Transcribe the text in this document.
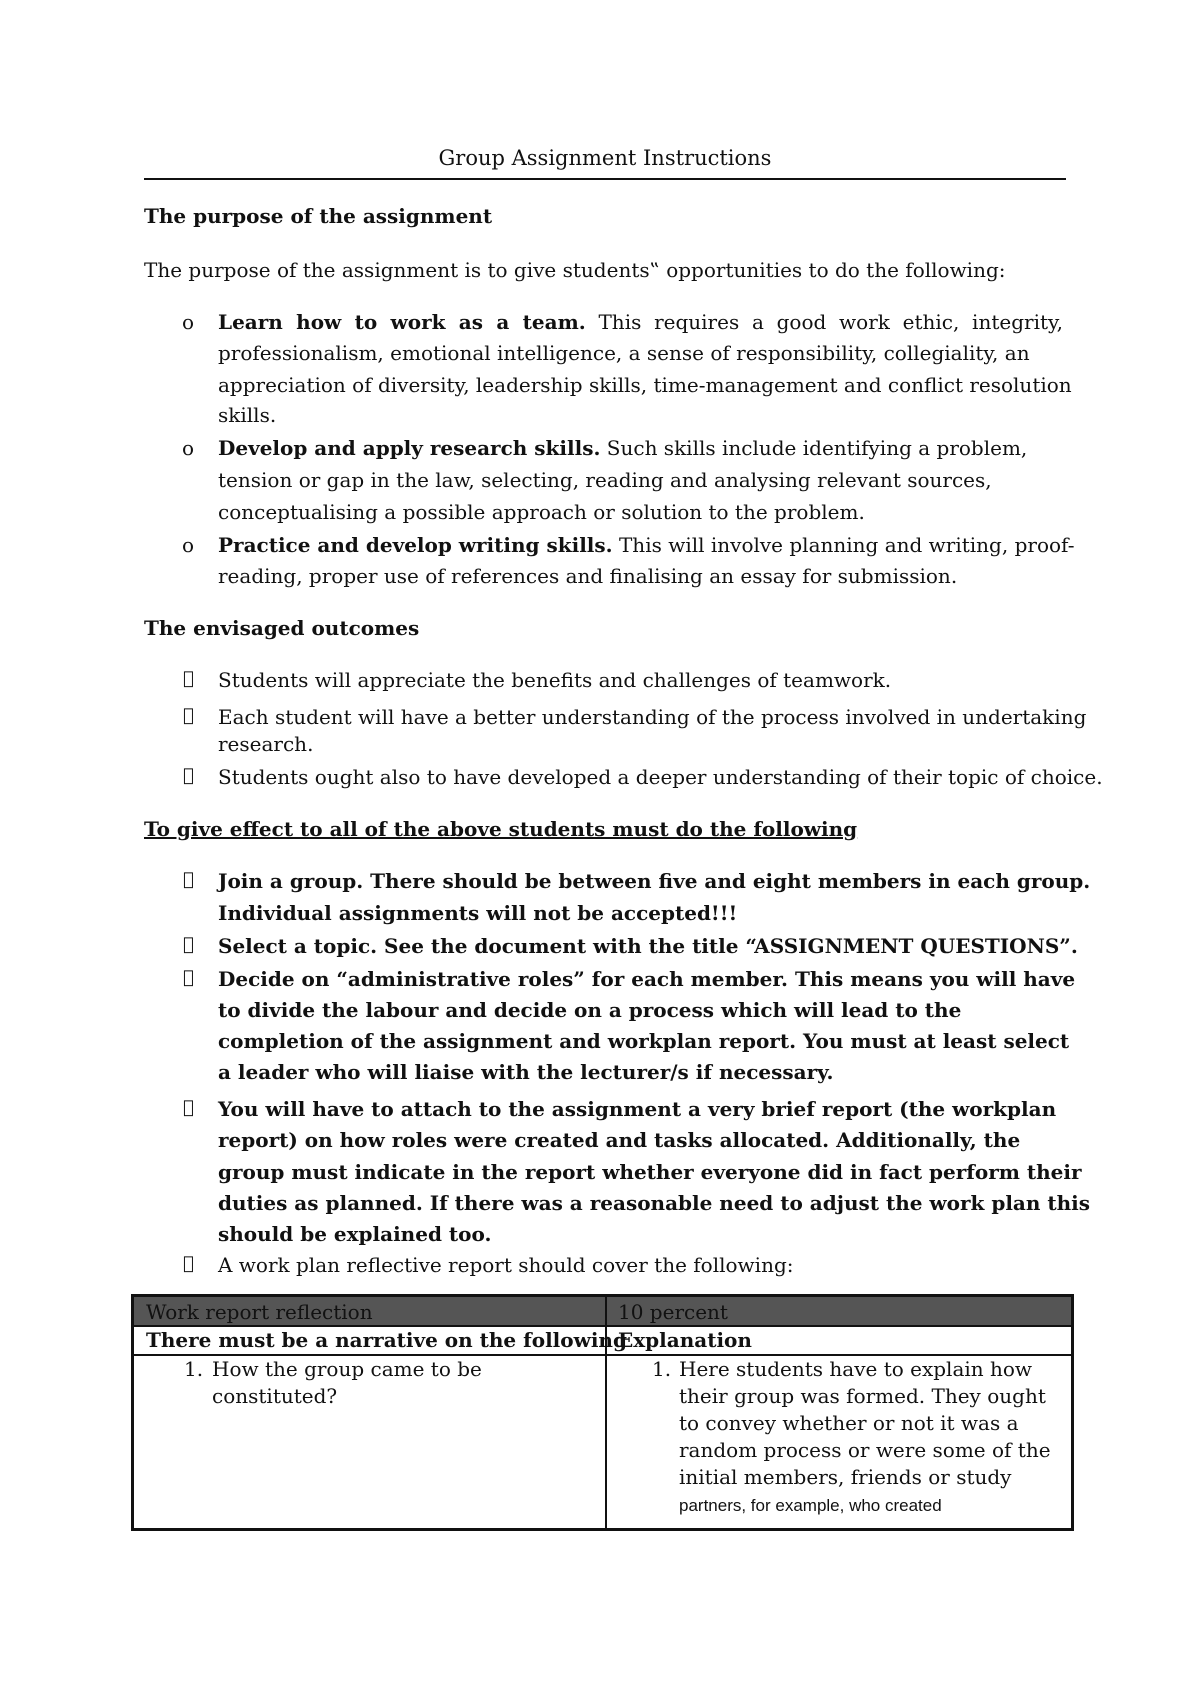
Group Assignment Instructions
The purpose of the assignment
The purpose of the assignment is to give students‟ opportunities to do the following:
o Learn how to work as a team. This requires a good work ethic, integrity,
professionalism, emotional intelligence, a sense of responsibility, collegiality, an
appreciation of diversity, leadership skills, time-management and conflict resolution
skills.
o Develop and apply research skills. Such skills include identifying a problem,
tension or gap in the law, selecting, reading and analysing relevant sources,
conceptualising a possible approach or solution to the problem.
o Practice and develop writing skills. This will involve planning and writing, proof-
reading, proper use of references and finalising an essay for submission.
The envisaged outcomes
Students will appreciate the benefits and challenges of teamwork.
Each student will have a better understanding of the process involved in undertaking
research.
Students ought also to have developed a deeper understanding of their topic of choice.
To give effect to all of the above students must do the following
Join a group. There should be between five and eight members in each group.
Individual assignments will not be accepted!!!
Select a topic. See the document with the title “ASSIGNMENT QUESTIONS”.
Decide on “administrative roles” for each member. This means you will have
to divide the labour and decide on a process which will lead to the
completion of the assignment and workplan report. You must at least select
a leader who will liaise with the lecturer/s if necessary.
You will have to attach to the assignment a very brief report (the workplan
report) on how roles were created and tasks allocated. Additionally, the
group must indicate in the report whether everyone did in fact perform their
duties as planned. If there was a reasonable need to adjust the work plan this
should be explained too.
A work plan reflective report should cover the following:
Work report reflection	10 percent
There must be a narrative on the following
Explanation
1. How the group came to be
constituted?
1. Here students have to explain how
their group was formed. They ought
to convey whether or not it was a
random process or were some of the
initial members, friends or study
partners, for example, who created
